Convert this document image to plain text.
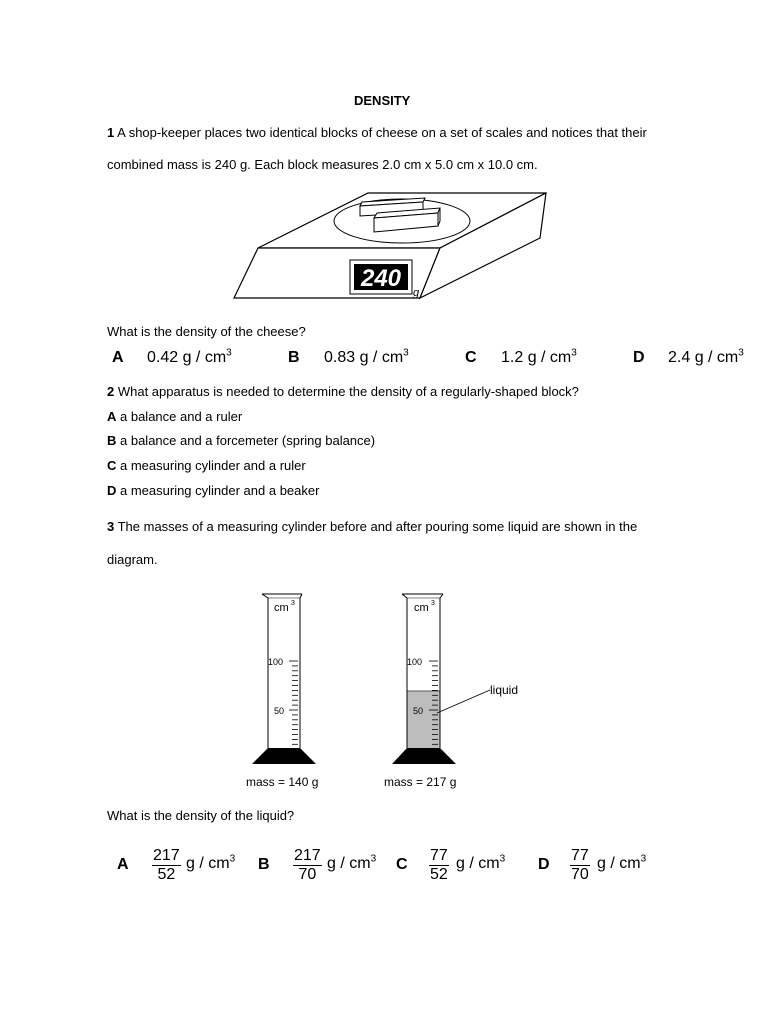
DENSITY
1 A shop-keeper places two identical blocks of cheese on a set of scales and notices that their
combined mass is 240 g. Each block measures 2.0 cm x 5.0 cm x 10.0 cm.
240
g
What is the density of the cheese?
A 0.42 g / $cm^3$	B 0.83 g / $cm^3$	C 1.2 g / $cm^3$	D 2.4 g / $cm^3$
2 What apparatus is needed to determine the density of a regularly-shaped block?
A a balance and a ruler
B a balance and a forcemeter (spring balance)
C a measuring cylinder and a ruler
D a measuring cylinder and a beaker
3 The masses of a measuring cylinder before and after pouring some liquid are shown in the
diagram.
cm 3
100
50
cm 3
100
50
liquid
mass = 140 g	mass = 217 g
What is the density of the liquid?
A $\frac{217}{52}$ g / $cm^3$ B $\frac{217}{70}$ g / $cm^3$ C $\frac{77}{52}$ g / $cm^3$ D $\frac{77}{70}$ g / $cm^3$
